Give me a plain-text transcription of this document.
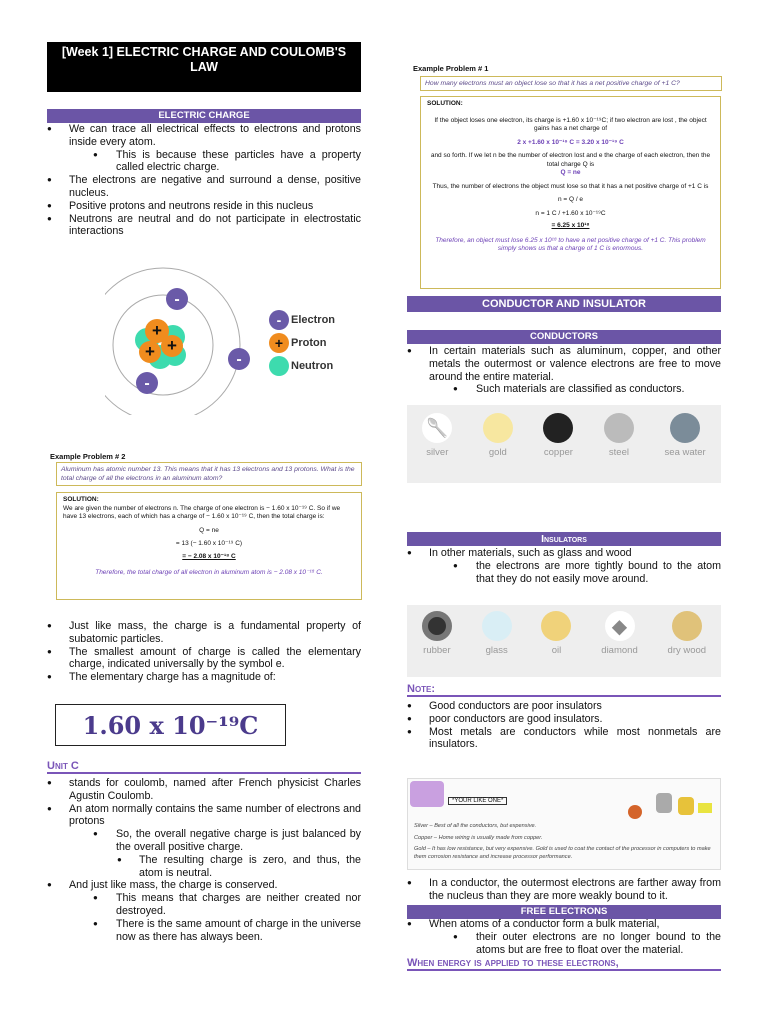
[Week 1] ELECTRIC CHARGE AND COULOMB'S LAW
ELECTRIC CHARGE
● We can trace all electrical effects to electrons and protons inside every atom.
● This is because these particles have a property called electric charge.
● The electrons are negative and surround a dense, positive nucleus.
● Positive protons and neutrons reside in this nucleus
● Neutrons are neutral and do not participate in electrostatic interactions
+
+ +
-
-
-
-
+
Electron
Proton
Neutron
Example Problem # 2
Aluminum has atomic number 13. This means that it has 13 electrons and 13 protons. What is the total charge of all the electrons in an aluminum atom?
SOLUTION:
We are given the number of electrons n. The charge of one electron is − 1.60 x 10⁻¹⁹ C. So if we have 13 electrons, each of which has a charge of − 1.60 x 10⁻¹⁹ C, then the total charge is:
Q = ne
= 13 (− 1.60 x 10⁻¹⁹ C)
= − 2.08 x 10⁻¹⁸ C
Therefore, the total charge of all electron in aluminum atom is − 2.08 x 10⁻¹⁸ C.
● Just like mass, the charge is a fundamental property of subatomic particles.
● The smallest amount of charge is called the elementary charge, indicated universally by the symbol e.
● The elementary charge has a magnitude of:
1.60 x 10⁻¹⁹C
Unit C
● stands for coulomb, named after French physicist Charles Agustin Coulomb.
● An atom normally contains the same number of electrons and protons
● So, the overall negative charge is just balanced by the overall positive charge.
● The resulting charge is zero, and thus, the atom is neutral.
● And just like mass, the charge is conserved.
● This means that charges are neither created nor destroyed.
● There is the same amount of charge in the universe now as there has always been.
Example Problem # 1
How many electrons must an object lose so that it has a net positive charge of +1 C?
SOLUTION:
If the object loses one electron, its charge is +1.60 x 10⁻¹⁹C; if two electron are lost , the object gains has a net charge of
2 x +1.60 x 10⁻¹⁹ C = 3.20 x 10⁻¹⁹ C
and so forth. If we let n be the number of electron lost and e the charge of each electron, then the total charge Q is
Q = ne
Thus, the number of electrons the object must lose so that it has a net positive charge of +1 C is
n = Q / e
n = 1 C / +1.60 x 10⁻¹⁹C
= 6.25 x 10¹⁸
Therefore, an object must lose 6.25 x 10¹⁸ to have a net positive charge of +1 C. This problem simply shows us that a charge of 1 C is enormous.
CONDUCTOR AND INSULATOR
CONDUCTORS
● In certain materials such as aluminum, copper, and other metals the outermost or valence electrons are free to move around the entire material.
● Such materials are classified as conductors.
🥄
silver	gold	copper	steel	sea water
Insulators
● In other materials, such as glass and wood
● the electrons are more tightly bound to the atom that they do not easily move around.
rubber	glass	oil
◆
diamond	dry wood
Note:
● Good conductors are poor insulators
● poor conductors are good insulators.
● Most metals are conductors while most nonmetals are insulators.
*YOUR LIKE ONE*
Silver – Best of all the conductors, but expensive.
Copper – Home wiring is usually made from copper.
Gold – It has low resistance, but very expensive. Gold is used to coat the contact of the processor in computers to make them corrosion resistance and increase processor performance.
● In a conductor, the outermost electrons are farther away from the nucleus than they are more weakly bound to it.
FREE ELECTRONS
● When atoms of a conductor form a bulk material,
● their outer electrons are no longer bound to the atoms but are free to float over the material.
When energy is applied to these electrons,
